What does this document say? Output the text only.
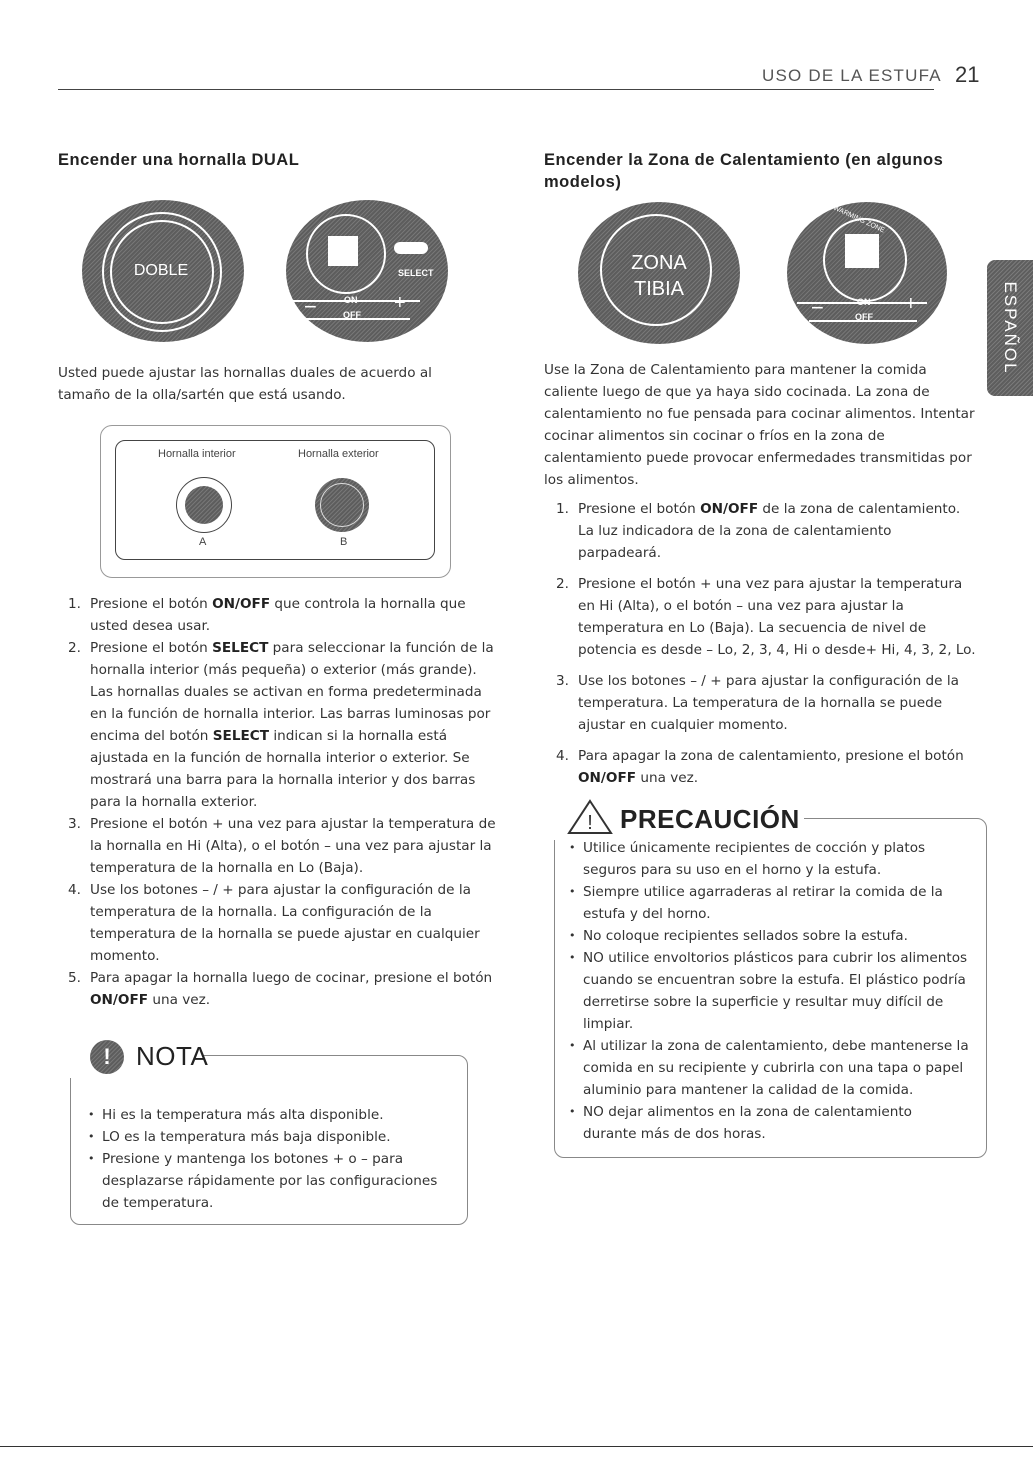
USO DE LA ESTUFA 21
ESPAÑOL
Encender una hornalla DUAL
DOBLE	SELECT
−	+
ON
OFF
Usted puede ajustar las hornallas duales de acuerdo al tamaño de la olla/sartén que está usando.
Hornalla interior	Hornalla exterior
A	B
1. Presione el botón ON/OFF que controla la hornalla que usted desea usar.
2. Presione el botón SELECT para seleccionar la función de la hornalla interior (más pequeña) o exterior (más grande). Las hornallas duales se activan en forma predeterminada en la función de hornalla interior. Las barras luminosas por encima del botón SELECT indican si la hornalla está ajustada en la función de hornalla interior o exterior. Se mostrará una barra para la hornalla interior y dos barras para la hornalla exterior.
3. Presione el botón + una vez para ajustar la temperatura de la hornalla en Hi (Alta), o el botón – una vez para ajustar la temperatura de la hornalla en Lo (Baja).
4. Use los botones – / + para ajustar la configuración de la temperatura de la hornalla. La configuración de la temperatura de la hornalla se puede ajustar en cualquier momento.
5. Para apagar la hornalla luego de cocinar, presione el botón ON/OFF una vez.
! NOTA
• Hi es la temperatura más alta disponible.
• LO es la temperatura más baja disponible.
• Presione y mantenga los botones + o – para desplazarse rápidamente por las configuraciones de temperatura.
Encender la Zona de Calentamiento (en algunos modelos)
ZONA
TIBIA
WARMING ZONE
−	+
ON
OFF
Use la Zona de Calentamiento para mantener la comida caliente luego de que ya haya sido cocinada. La zona de calentamiento no fue pensada para cocinar alimentos. Intentar cocinar alimentos sin cocinar o fríos en la zona de calentamiento puede provocar enfermedades transmitidas por los alimentos.
1. Presione el botón ON/OFF de la zona de calentamiento. La luz indicadora de la zona de calentamiento parpadeará.
2. Presione el botón + una vez para ajustar la temperatura en Hi (Alta), o el botón – una vez para ajustar la temperatura en Lo (Baja). La secuencia de nivel de potencia es desde – Lo, 2, 3, 4, Hi o desde+ Hi, 4, 3, 2, Lo.
3. Use los botones – / + para ajustar la configuración de la temperatura. La temperatura de la hornalla se puede ajustar en cualquier momento.
4. Para apagar la zona de calentamiento, presione el botón ON/OFF una vez.
! PRECAUCIÓN
• Utilice únicamente recipientes de cocción y platos seguros para su uso en el horno y la estufa.
• Siempre utilice agarraderas al retirar la comida de la estufa y del horno.
• No coloque recipientes sellados sobre la estufa.
• NO utilice envoltorios plásticos para cubrir los alimentos cuando se encuentran sobre la estufa. El plástico podría derretirse sobre la superficie y resultar muy difícil de limpiar.
• Al utilizar la zona de calentamiento, debe mantenerse la comida en su recipiente y cubrirla con una tapa o papel aluminio para mantener la calidad de la comida.
• NO dejar alimentos en la zona de calentamiento durante más de dos horas.
